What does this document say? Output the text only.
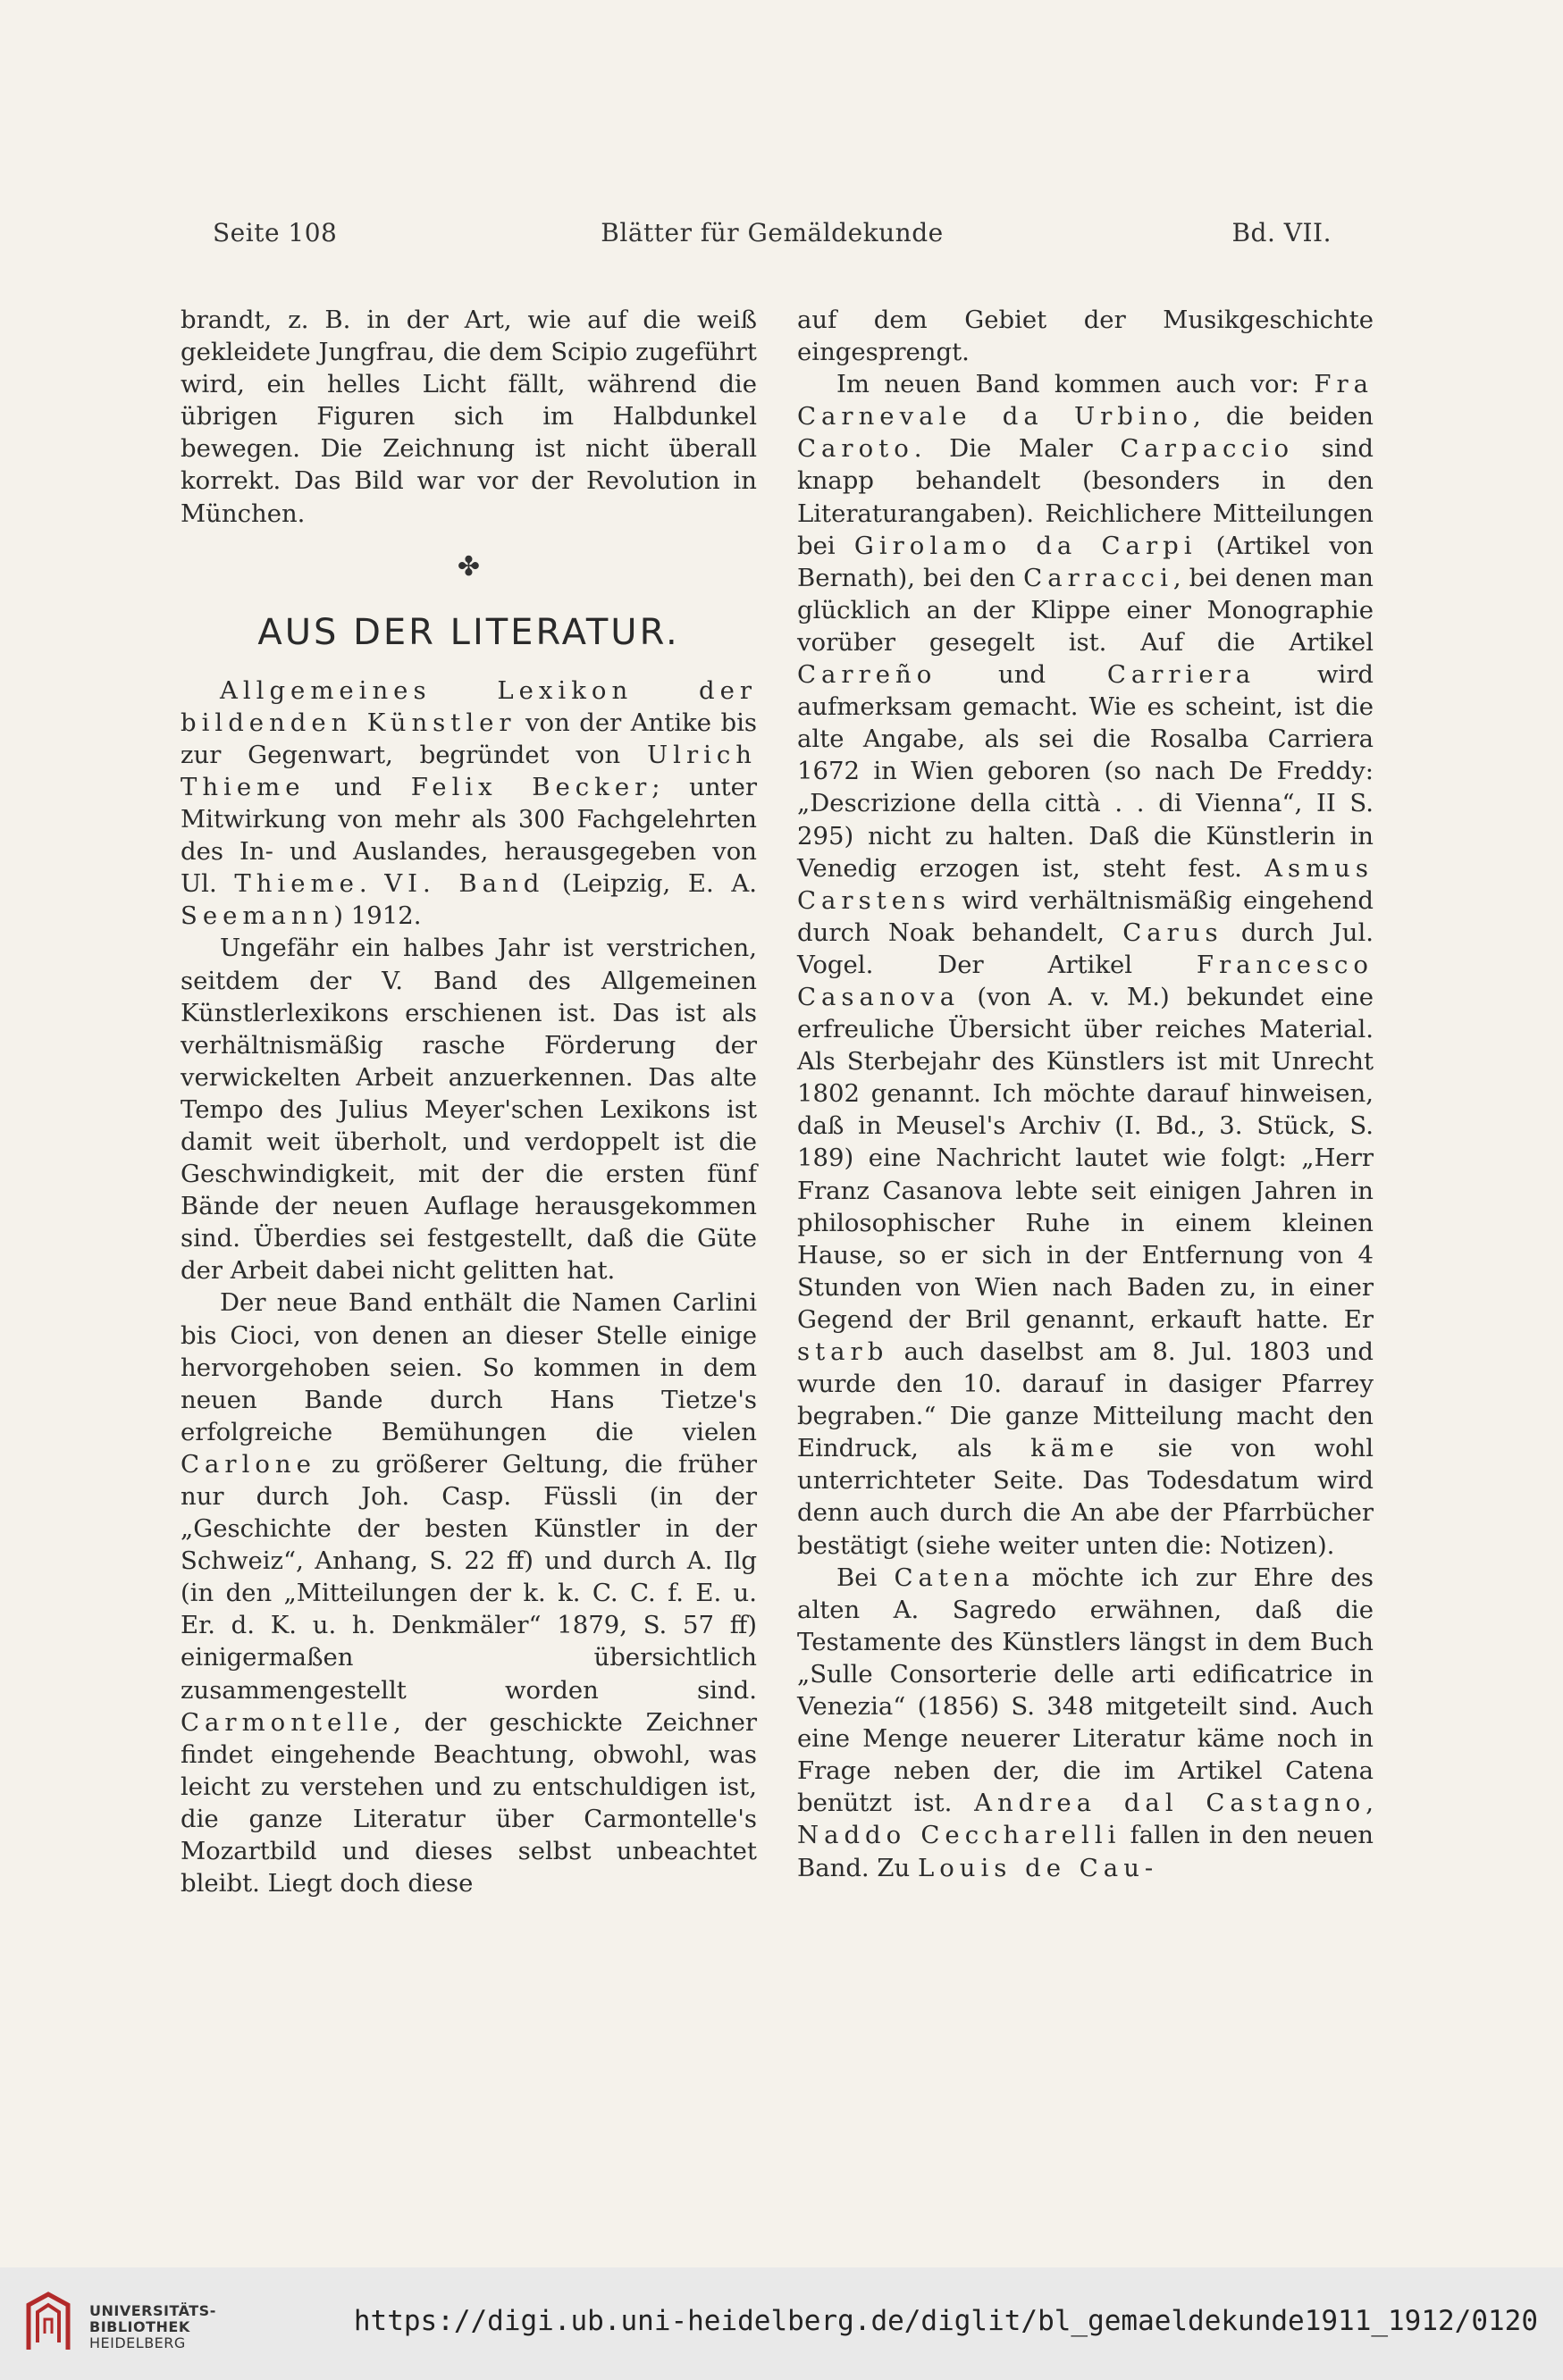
Seite 108	Blätter für Gemäldekunde	Bd. VII.

brandt, z. B. in der Art, wie auf die weiß gekleidete Jungfrau, die dem Scipio zugeführt wird, ein helles Licht fällt, während die übrigen Figuren sich im Halbdunkel bewegen. Die Zeichnung ist nicht überall korrekt. Das Bild war vor der Revolution in München.

✤
AUS DER LITERATUR.

Allgemeines Lexikon der bildenden Künstler von der Antike bis zur Gegenwart, begründet von Ulrich Thieme und Felix Becker; unter Mitwirkung von mehr als 300 Fachgelehrten des In- und Auslandes, herausgegeben von Ul. Thieme. VI. Band (Leipzig, E. A. Seemann) 1912.

Ungefähr ein halbes Jahr ist verstrichen, seitdem der V. Band des Allgemeinen Künstlerlexikons erschienen ist. Das ist als verhältnismäßig rasche Förderung der verwickelten Arbeit anzuerkennen. Das alte Tempo des Julius Meyer'schen Lexikons ist damit weit überholt, und verdoppelt ist die Geschwindigkeit, mit der die ersten fünf Bände der neuen Auflage herausgekommen sind. Überdies sei festgestellt, daß die Güte der Arbeit dabei nicht gelitten hat.

Der neue Band enthält die Namen Carlini bis Cioci, von denen an dieser Stelle einige hervorgehoben seien. So kommen in dem neuen Bande durch Hans Tietze's erfolgreiche Bemühungen die vielen Carlone zu größerer Geltung, die früher nur durch Joh. Casp. Füssli (in der „Geschichte der besten Künstler in der Schweiz“, Anhang, S. 22 ff) und durch A. Ilg (in den „Mitteilungen der k. k. C. C. f. E. u. Er. d. K. u. h. Denkmäler“ 1879, S. 57 ff) einigermaßen übersichtlich zusammengestellt worden sind. Carmontelle, der geschickte Zeichner findet eingehende Beachtung, obwohl, was leicht zu verstehen und zu entschuldigen ist, die ganze Literatur über Carmontelle's Mozartbild und dieses selbst unbeachtet bleibt. Liegt doch diese

auf dem Gebiet der Musikgeschichte eingesprengt.

Im neuen Band kommen auch vor: Fra Carnevale da Urbino, die beiden Caroto. Die Maler Carpaccio sind knapp behandelt (besonders in den Literaturangaben). Reichlichere Mitteilungen bei Girolamo da Carpi (Artikel von Bernath), bei den Carracci, bei denen man glücklich an der Klippe einer Monographie vorüber gesegelt ist. Auf die Artikel Carreño und Carriera wird aufmerksam gemacht. Wie es scheint, ist die alte Angabe, als sei die Rosalba Carriera 1672 in Wien geboren (so nach De Freddy: „Descrizione della città . . di Vienna“, II S. 295) nicht zu halten. Daß die Künstlerin in Venedig erzogen ist, steht fest. Asmus Carstens wird verhältnismäßig eingehend durch Noak behandelt, Carus durch Jul. Vogel. Der Artikel Francesco Casanova (von A. v. M.) bekundet eine erfreuliche Übersicht über reiches Material. Als Sterbejahr des Künstlers ist mit Unrecht 1802 genannt. Ich möchte darauf hinweisen, daß in Meusel's Archiv (I. Bd., 3. Stück, S. 189) eine Nachricht lautet wie folgt: „Herr Franz Casanova lebte seit einigen Jahren in philosophischer Ruhe in einem kleinen Hause, so er sich in der Entfernung von 4 Stunden von Wien nach Baden zu, in einer Gegend der Bril genannt, erkauft hatte. Er starb auch daselbst am 8. Jul. 1803 und wurde den 10. darauf in dasiger Pfarrey begraben.“ Die ganze Mitteilung macht den Eindruck, als käme sie von wohl unterrichteter Seite. Das Todesdatum wird denn auch durch die An abe der Pfarrbücher bestätigt (siehe weiter unten die: Notizen).

Bei Catena möchte ich zur Ehre des alten A. Sagredo erwähnen, daß die Testamente des Künstlers längst in dem Buch „Sulle Consorterie delle arti edificatrice in Venezia“ (1856) S. 348 mitgeteilt sind. Auch eine Menge neuerer Literatur käme noch in Frage neben der, die im Artikel Catena benützt ist. Andrea dal Castagno, Naddo Ceccharelli fallen in den neuen Band. Zu Louis de Cau-

UNIVERSITÄTS-
BIBLIOTHEK
HEIDELBERG
https://digi.ub.uni-heidelberg.de/diglit/bl_gemaeldekunde1911_1912/0120
